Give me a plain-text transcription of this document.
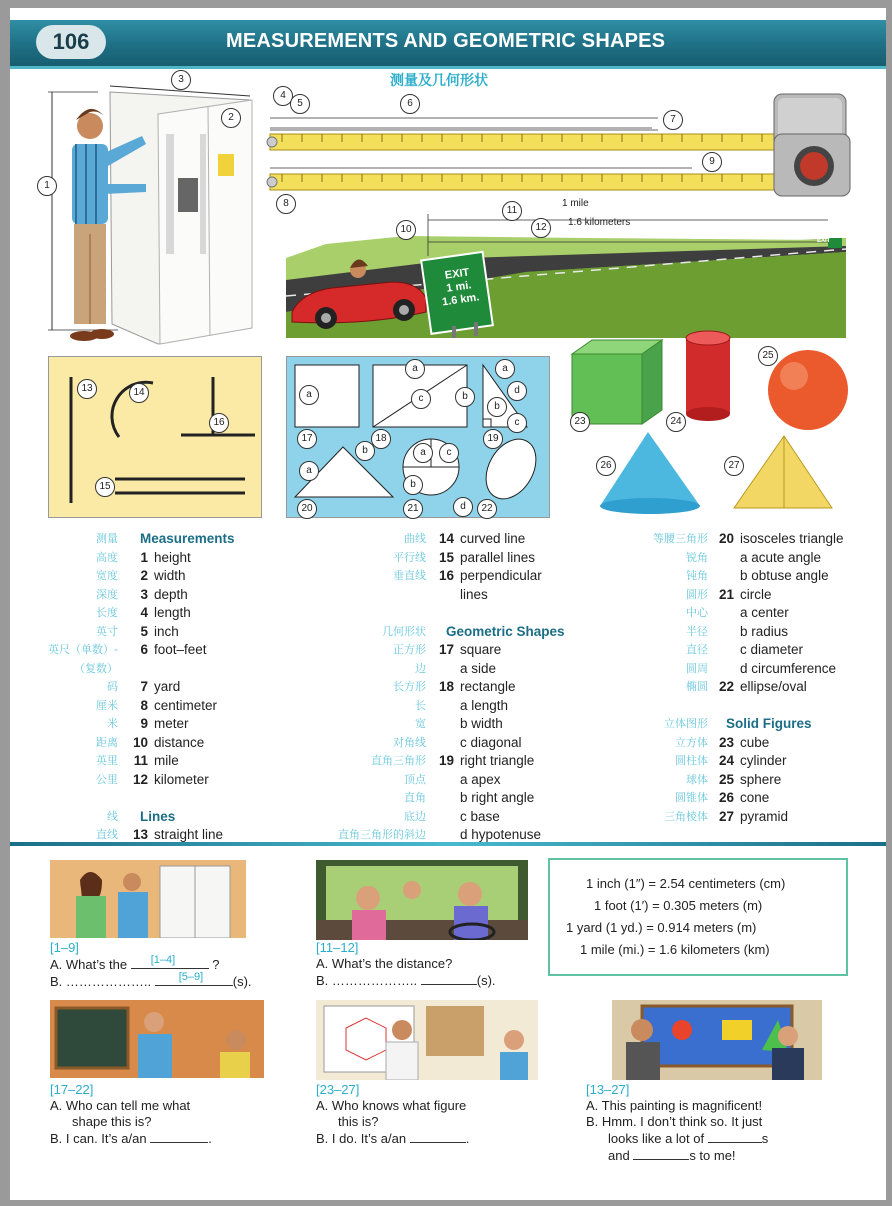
106	MEASUREMENTS AND GEOMETRIC SHAPES
测量及几何形状
1
2
3
4
5	6
7
8
9
EXIT
1 mi.
1.6 km.
EXIT
1 mile
1.6 kilometers
10
11
12
13	14
15
16
a
a
b
c
a
d
b
c
a
b	a	c
b
d
17	18	19
20	21	22
23	24
25
26	27
测量 Measurements
高度 1 height
宽度 2 width
深度 3 depth
长度 4 length
英寸 5 inch
英尺（单数）- 6 foot–feet
（复数）
码 7 yard
厘米 8 centimeter
米 9 meter
距离 10 distance
英里 11 mile
公里 12 kilometer
线 Lines
直线 13 straight line
曲线 14 curved line
平行线 15 parallel lines
垂直线 16 perpendicular
lines
几何形状 Geometric Shapes
正方形 17 square
边	a side
长方形 18 rectangle
长	a length
宽	b width
对角线	c diagonal
直角三角形 19 right triangle
顶点	a apex
直角	b right angle
底边	c base
直角三角形的斜边	d hypotenuse
等腰三角形 20 isosceles triangle
锐角 a acute angle
钝角 b obtuse angle
圆形 21 circle
中心 a center
半径 b radius
直径 c diameter
圆周 d circumference
椭圆 22 ellipse/oval
立体图形 Solid Figures
立方体 23 cube
圆柱体 24 cylinder
球体 25 sphere
圆锥体 26 cone
三角棱体 27 pyramid
[1–9]
A. What’s the [1–4]	?
B. ……………….. [5–9] (s).
[11–12]
A. What’s the distance?
B. ………………..	(s).
[17–22]
A. Who can tell me what
shape this is?
B. I can. It’s a/an	.
[23–27]
A. Who knows what figure
this is?
B. I do. It’s a/an	.
[13–27]
A. This painting is magnificent!
B. Hmm. I don’t think so. It just
looks like a lot of	s
and	s to me!
1 inch (1″) = 2.54 centimeters (cm)
1 foot (1′) = 0.305 meters (m)
1 yard (1 yd.) = 0.914 meters (m)
1 mile (mi.) = 1.6 kilometers (km)
